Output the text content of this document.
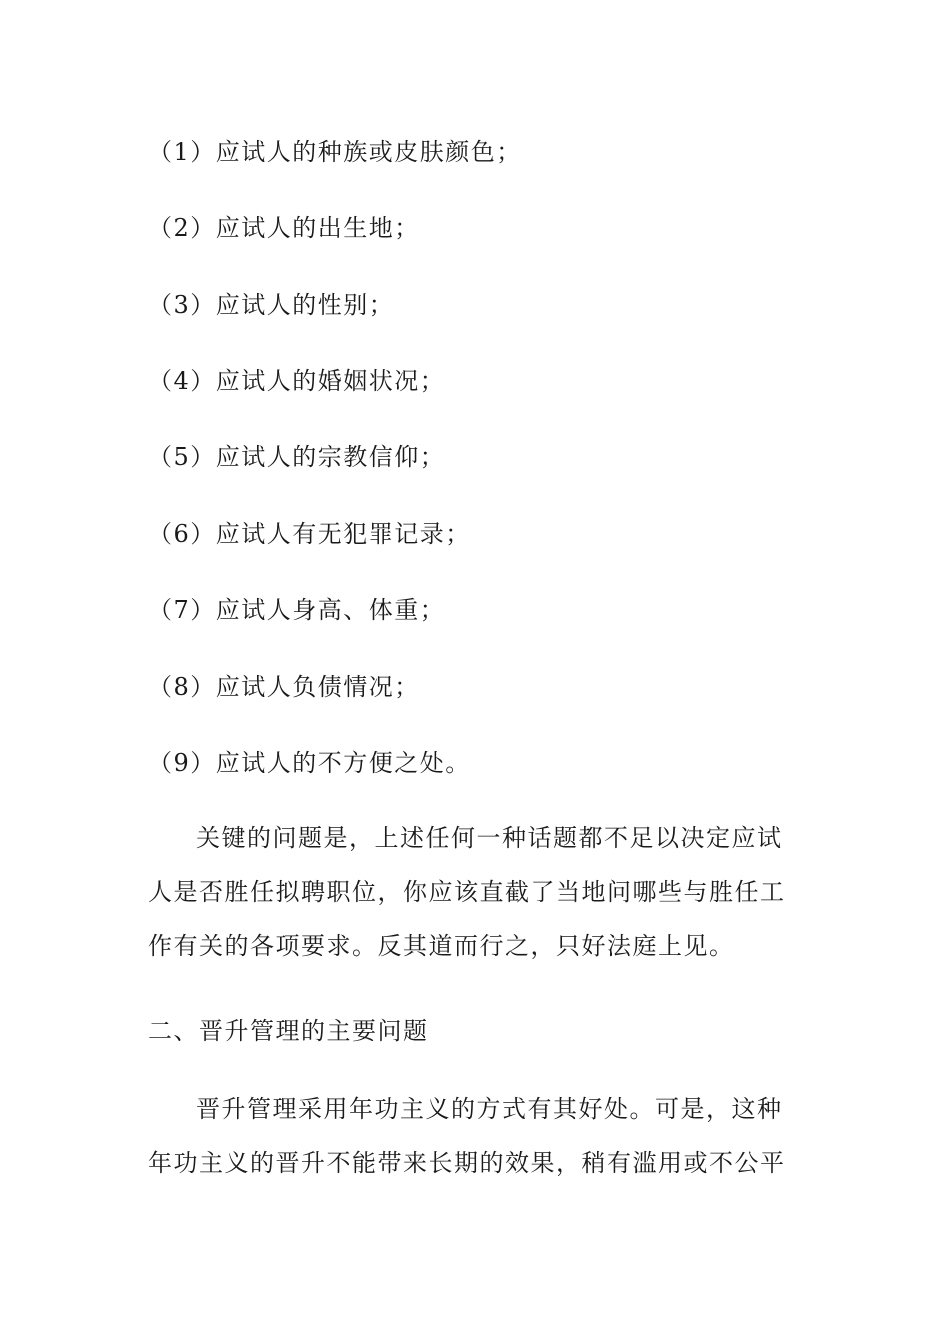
（1）应试人的种族或皮肤颜色；
（2）应试人的出生地；
（3）应试人的性别；
（4）应试人的婚姻状况；
（5）应试人的宗教信仰；
（6）应试人有无犯罪记录；
（7）应试人身高、体重；
（8）应试人负债情况；
（9）应试人的不方便之处。
关键的问题是，上述任何一种话题都不足以决定应试人是否胜任拟聘职位，你应该直截了当地问哪些与胜任工作有关的各项要求。反其道而行之，只好法庭上见。
二、晋升管理的主要问题
晋升管理采用年功主义的方式有其好处。可是，这种年功主义的晋升不能带来长期的效果，稍有滥用或不公平
